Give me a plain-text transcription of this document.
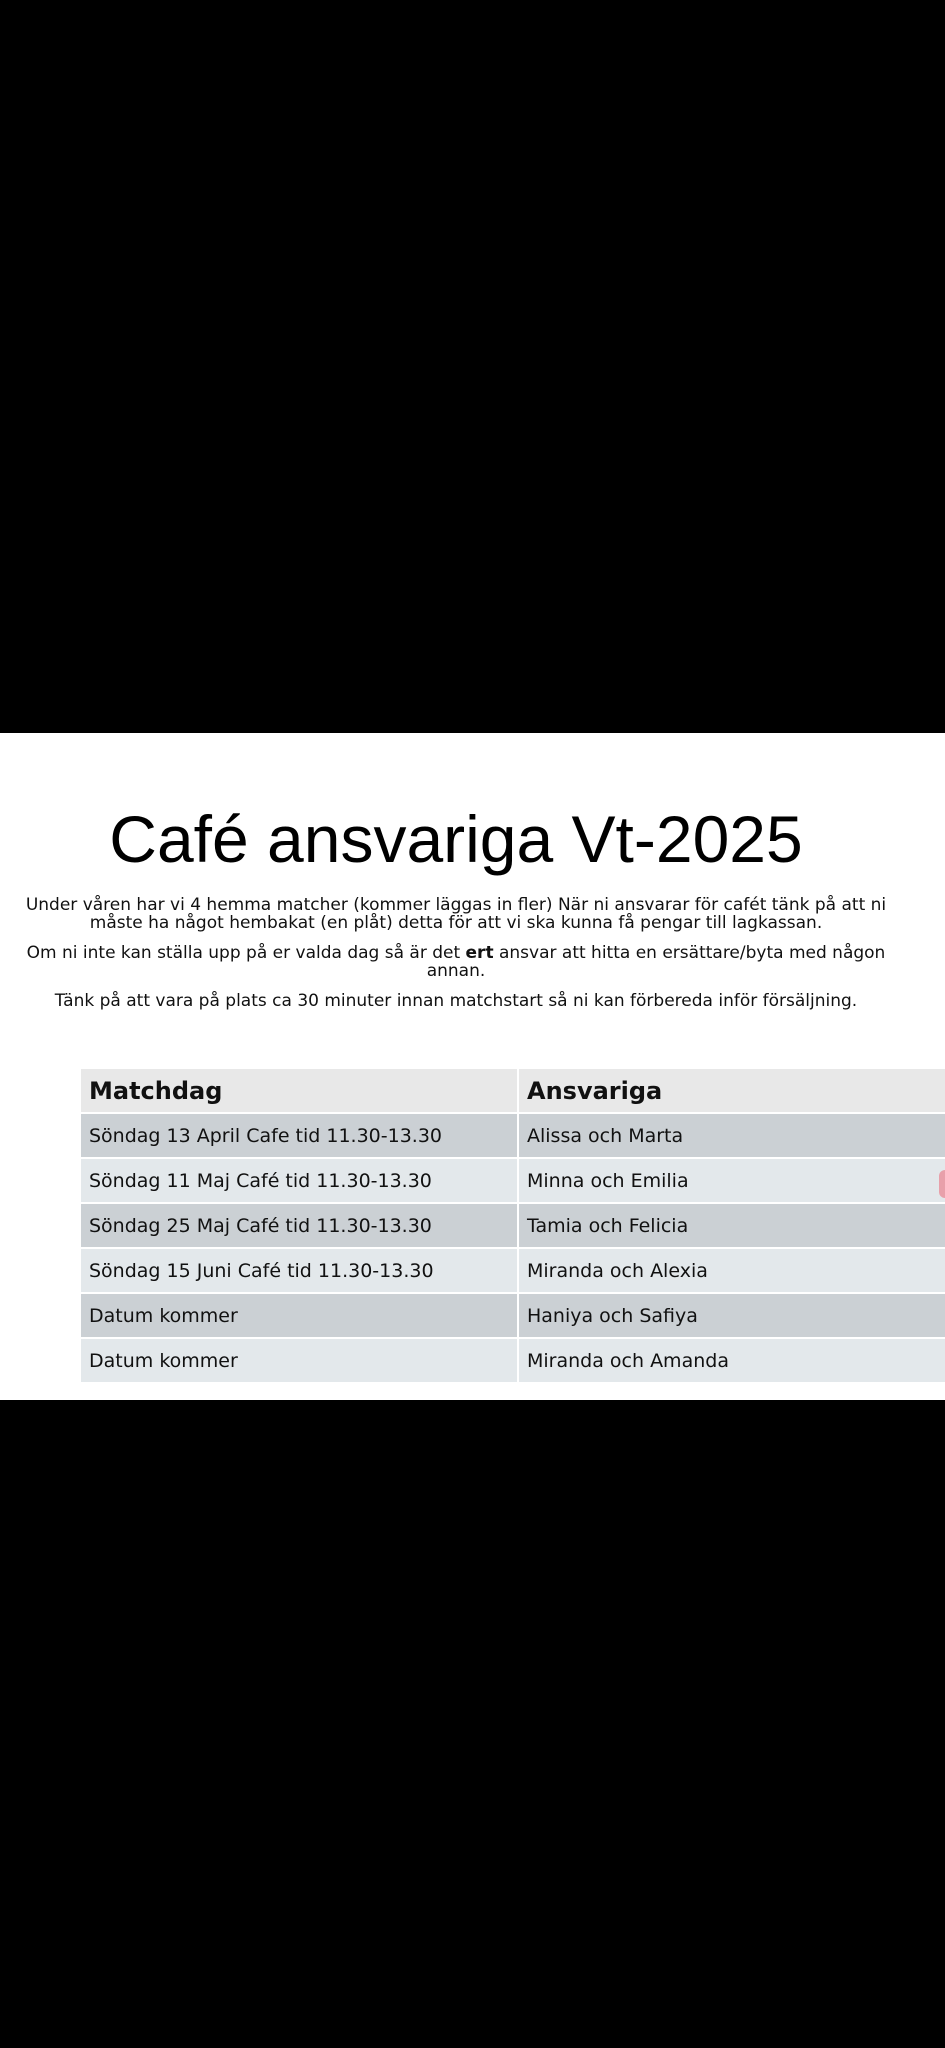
Café ansvariga Vt-2025

Under våren har vi 4 hemma matcher (kommer läggas in fler) När ni ansvarar för cafét tänk på att ni måste ha något hembakat (en plåt) detta för att vi ska kunna få pengar till lagkassan.

Om ni inte kan ställa upp på er valda dag så är det ert ansvar att hitta en ersättare/byta med någon annan.

Tänk på att vara på plats ca 30 minuter innan matchstart så ni kan förbereda inför försäljning.

Matchdag	Ansvariga
Söndag 13 April Cafe tid 11.30-13.30	Alissa och Marta
Söndag 11 Maj Café tid 11.30-13.30	Minna och Emilia
Söndag 25 Maj Café tid 11.30-13.30	Tamia och Felicia
Söndag 15 Juni Café tid 11.30-13.30	Miranda och Alexia
Datum kommer	Haniya och Safiya
Datum kommer	Miranda och Amanda
